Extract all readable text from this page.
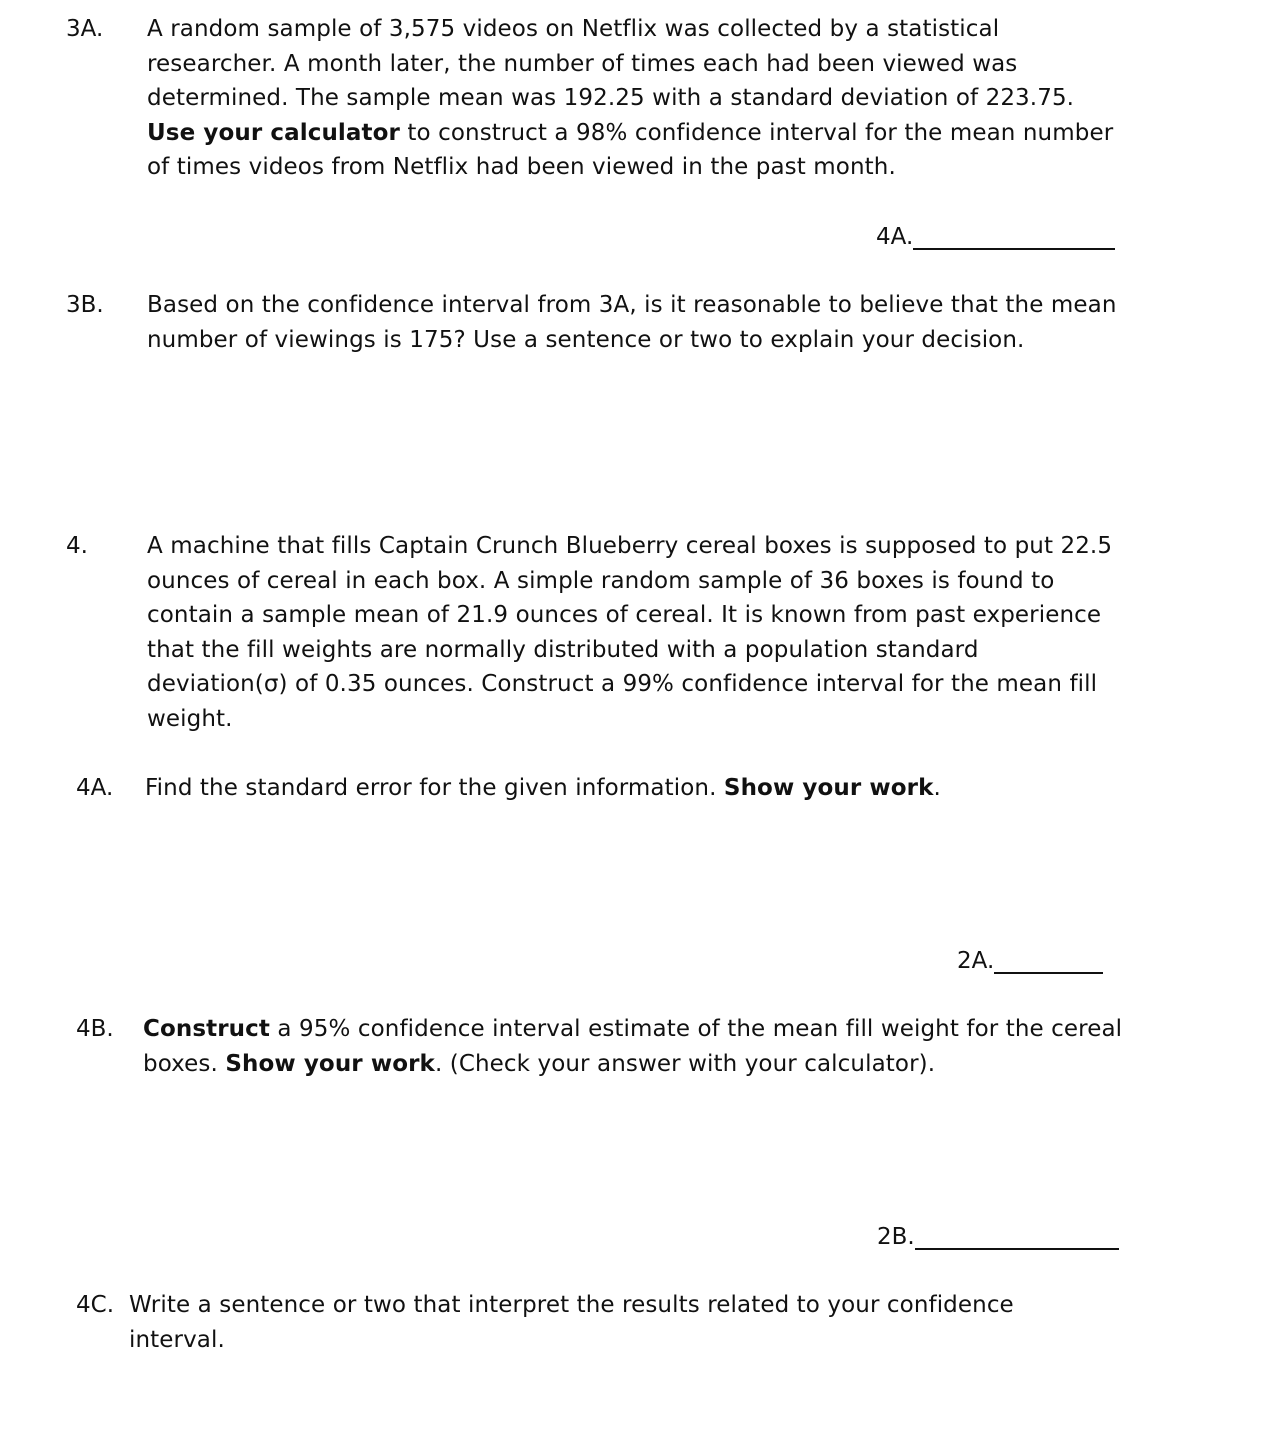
3A. A random sample of 3,575 videos on Netflix was collected by a statistical researcher. A month later, the number of times each had been viewed was determined. The sample mean was 192.25 with a standard deviation of 223.75. Use your calculator to construct a 98% confidence interval for the mean number of times videos from Netflix had been viewed in the past month.

4A.
3B. Based on the confidence interval from 3A, is it reasonable to believe that the mean number of viewings is 175? Use a sentence or two to explain your decision.

4.	A machine that fills Captain Crunch Blueberry cereal boxes is supposed to put 22.5 ounces of cereal in each box. A simple random sample of 36 boxes is found to contain a sample mean of 21.9 ounces of cereal. It is known from past experience that the fill weights are normally distributed with a population standard deviation(σ) of 0.35 ounces. Construct a 99% confidence interval for the mean fill weight.

4A. Find the standard error for the given information. Show your work.

2A.
4B. Construct a 95% confidence interval estimate of the mean fill weight for the cereal boxes. Show your work. (Check your answer with your calculator).

2B.
4C. Write a sentence or two that interpret the results related to your confidence interval.
